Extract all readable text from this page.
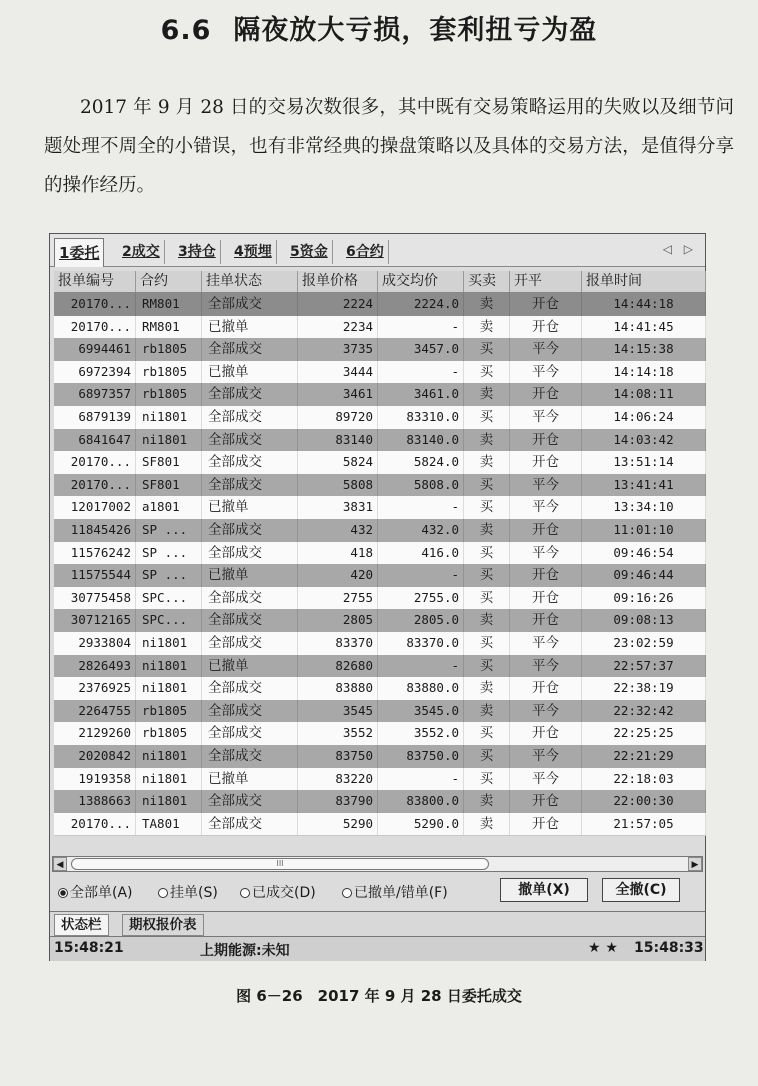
6.6 隔夜放大亏损，套利扭亏为盈
2017 年 9 月 28 日的交易次数很多，其中既有交易策略运用的失败以及细节问题处理不周全的小错误，也有非常经典的操盘策略以及具体的交易方法，是值得分享的操作经历。
1委托	2成交	3持仓	4预埋	5资金	6合约	◁ ▷
报单编号	合约	挂单状态	报单价格	成交均价	买卖	开平	报单时间
20170... RM801	全部成交	2224	2224.0	卖	开仓	14:44:18
20170... RM801	已撤单	2234	-	卖	开仓	14:41:45
6994461 rb1805	全部成交	3735	3457.0	买	平今	14:15:38
6972394 rb1805	已撤单	3444	-	买	平今	14:14:18
6897357 rb1805	全部成交	3461	3461.0	卖	开仓	14:08:11
6879139 ni1801	全部成交	89720	83310.0	买	平今	14:06:24
6841647 ni1801	全部成交	83140	83140.0	卖	开仓	14:03:42
20170... SF801	全部成交	5824	5824.0	卖	开仓	13:51:14
20170... SF801	全部成交	5808	5808.0	买	平今	13:41:41
12017002 a1801	已撤单	3831	-	买	平今	13:34:10
11845426 SP ...	全部成交	432	432.0	卖	开仓	11:01:10
11576242 SP ...	全部成交	418	416.0	买	平今	09:46:54
11575544 SP ...	已撤单	420	-	买	开仓	09:46:44
30775458 SPC...	全部成交	2755	2755.0	买	开仓	09:16:26
30712165 SPC...	全部成交	2805	2805.0	卖	开仓	09:08:13
2933804 ni1801	全部成交	83370	83370.0	买	平今	23:02:59
2826493 ni1801	已撤单	82680	-	买	平今	22:57:37
2376925 ni1801	全部成交	83880	83880.0	卖	开仓	22:38:19
2264755 rb1805	全部成交	3545	3545.0	卖	平今	22:32:42
2129260 rb1805	全部成交	3552	3552.0	买	开仓	22:25:25
2020842 ni1801	全部成交	83750	83750.0	买	平今	22:21:29
1919358 ni1801	已撤单	83220	-	买	平今	22:18:03
1388663 ni1801	全部成交	83790	83800.0	卖	开仓	22:00:30
20170... TA801	全部成交	5290	5290.0	卖	开仓	21:57:05
◀	III	▶
全部单(A)	挂单(S)	已成交(D)	已撤单/错单(F)	撤单(X)	全撤(C)
状态栏	期权报价表
15:48:21	上期能源:未知	★ ★ 15:48:33
图 6－26　2017 年 9 月 28 日委托成交
